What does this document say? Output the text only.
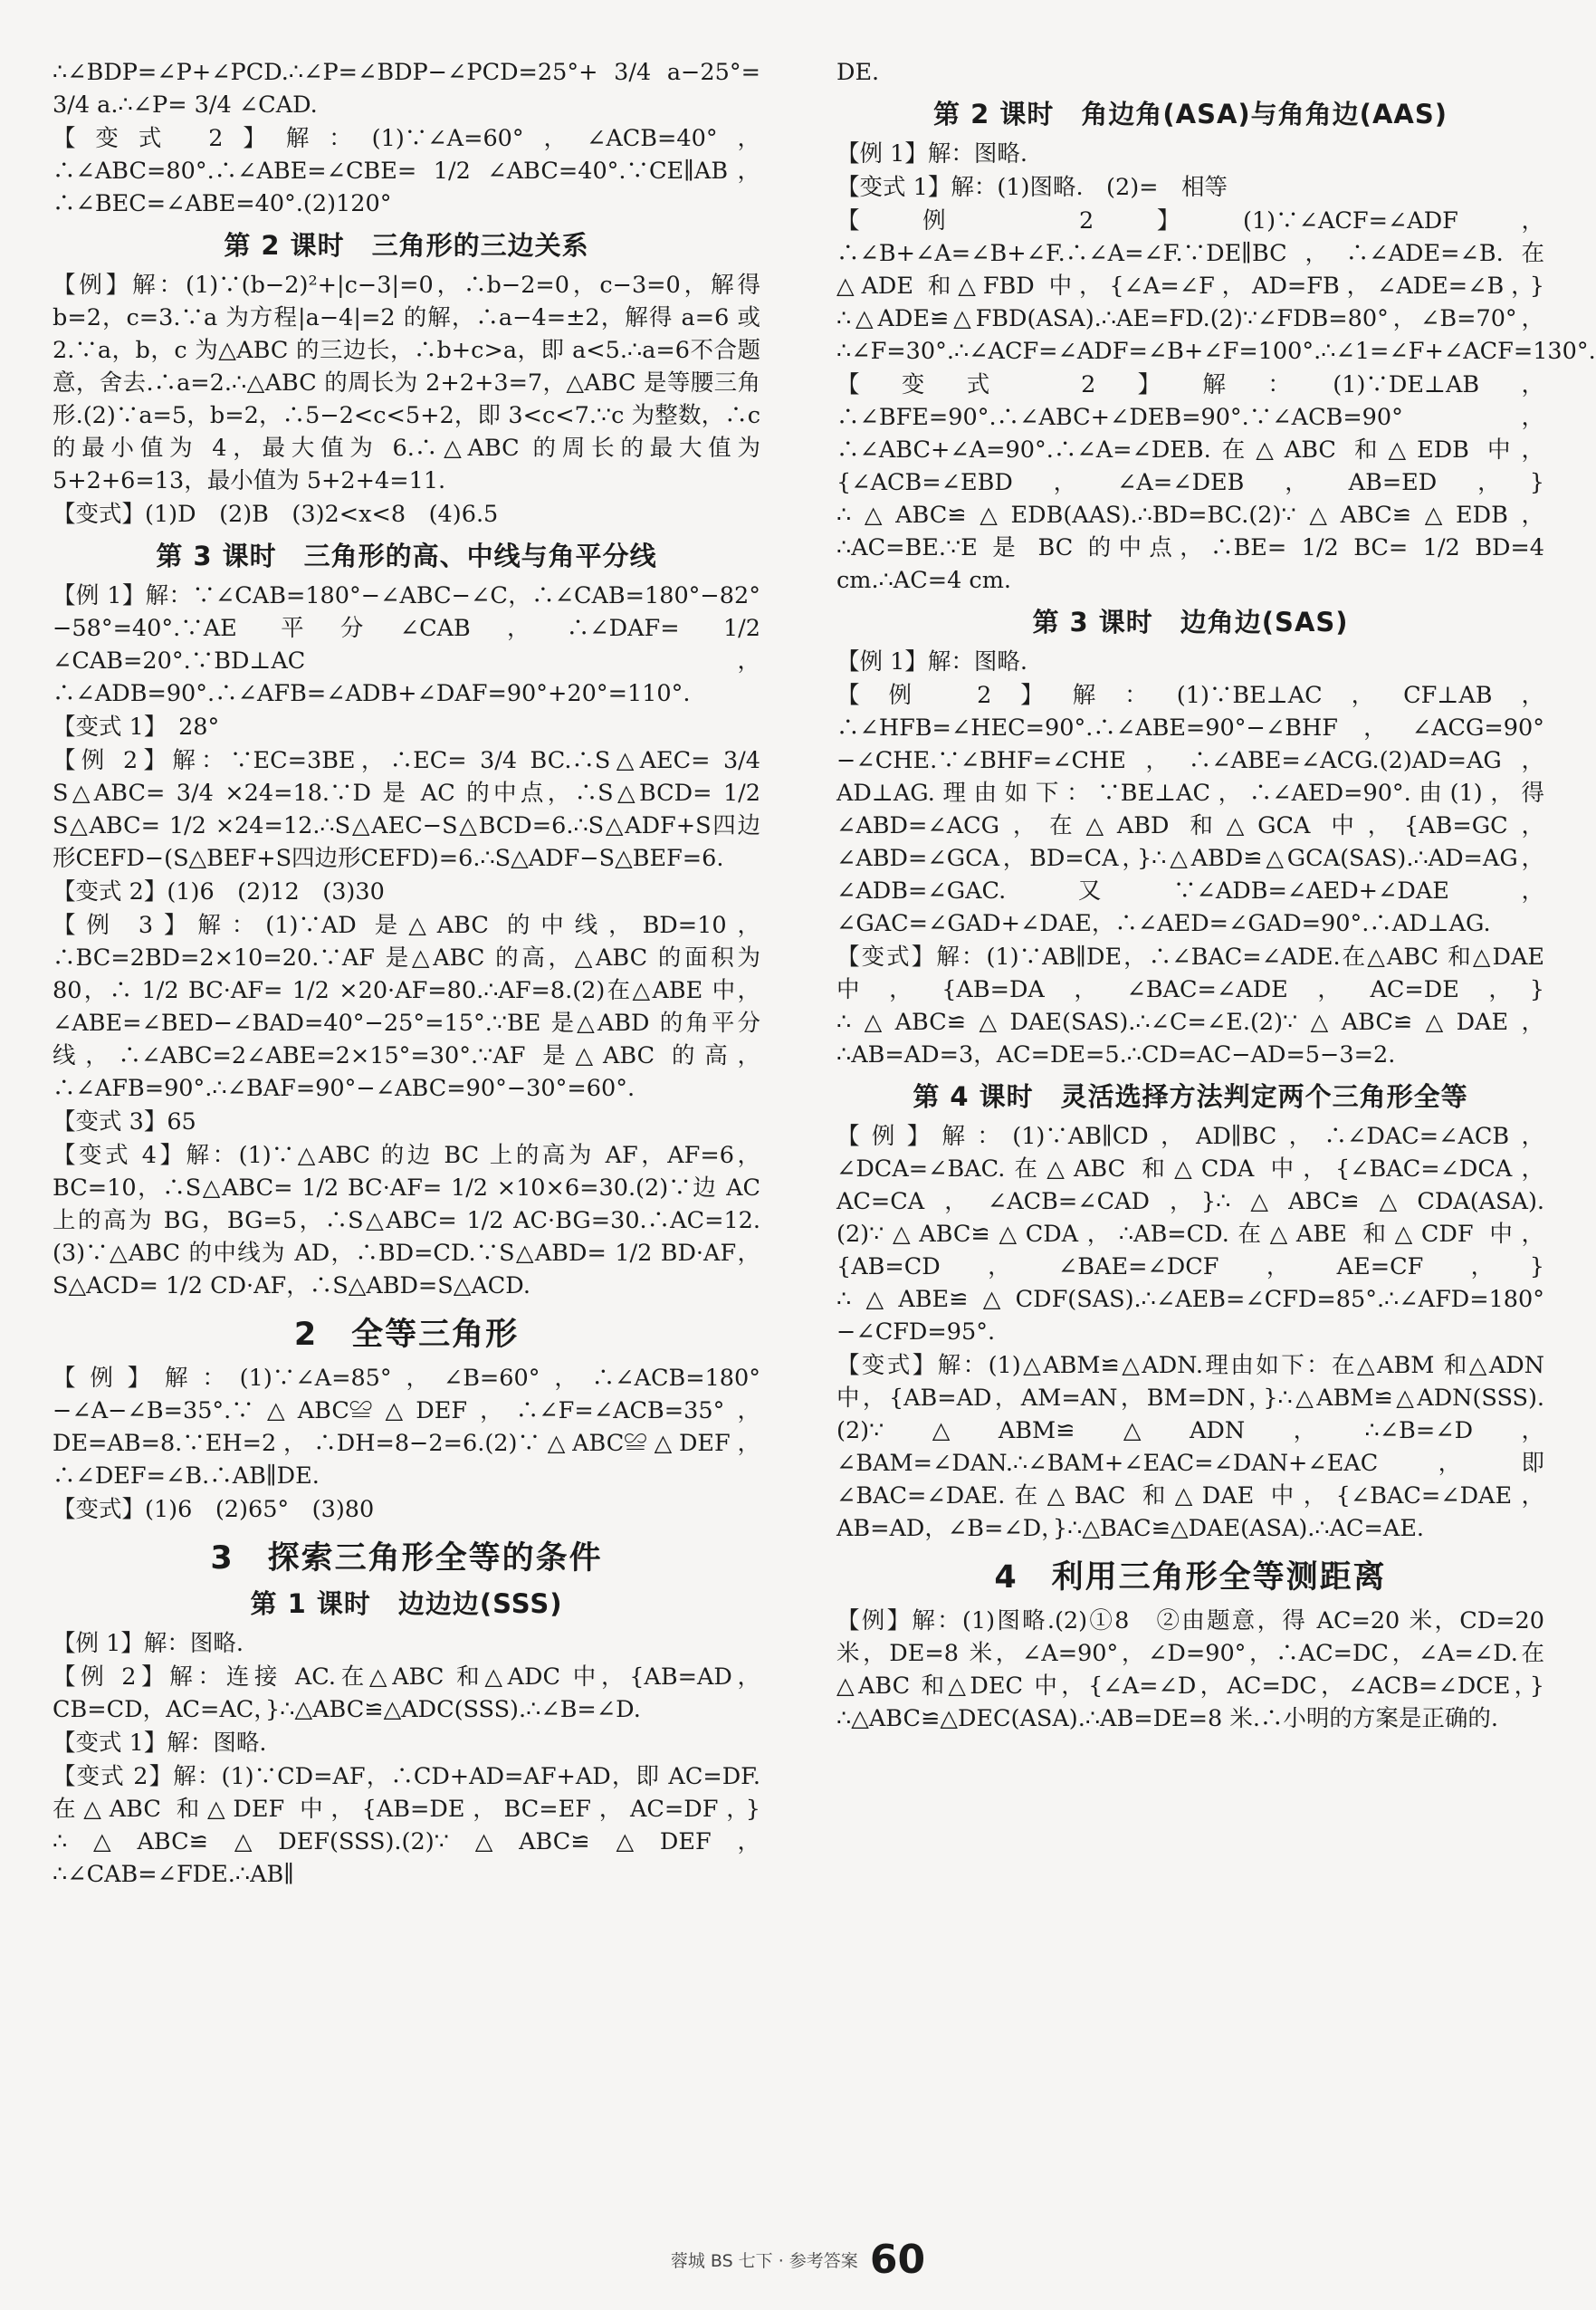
∴∠BDP=∠P+∠PCD.∴∠P=∠BDP−∠PCD=25°+ 3/4 a−25°= 3/4 a.∴∠P= 3/4 ∠CAD.

【变式 2】解：(1)∵∠A=60°，∠ACB=40°，∴∠ABC=80°.∴∠ABE=∠CBE= 1/2 ∠ABC=40°.∵CE∥AB，∴∠BEC=∠ABE=40°.(2)120°

第 2 课时　三角形的三边关系

【例】解：(1)∵(b−2)²+|c−3|=0，∴b−2=0，c−3=0，解得b=2，c=3.∵a 为方程|a−4|=2 的解，∴a−4=±2，解得 a=6 或 2.∵a，b，c 为△ABC 的三边长，∴b+c>a，即 a<5.∴a=6不合题意，舍去.∴a=2.∴△ABC 的周长为 2+2+3=7，△ABC 是等腰三角形.(2)∵a=5，b=2，∴5−2<c<5+2，即 3<c<7.∵c 为整数，∴c 的最小值为 4，最大值为 6.∴△ABC 的周长的最大值为 5+2+6=13，最小值为 5+2+4=11.

【变式】(1)D　(2)B　(3)2<x<8　(4)6.5

第 3 课时　三角形的高、中线与角平分线

【例 1】解：∵∠CAB=180°−∠ABC−∠C，∴∠CAB=180°−82°−58°=40°.∵AE 平分∠CAB，∴∠DAF= 1/2 ∠CAB=20°.∵BD⊥AC，∴∠ADB=90°.∴∠AFB=∠ADB+∠DAF=90°+20°=110°.

【变式 1】　28°

【例 2】解：∵EC=3BE，∴EC= 3/4 BC.∴S△AEC= 3/4 S△ABC= 3/4 ×24=18.∵D 是 AC 的中点，∴S△BCD= 1/2 S△ABC= 1/2 ×24=12.∴S△AEC−S△BCD=6.∴S△ADF+S四边形CEFD−(S△BEF+S四边形CEFD)=6.∴S△ADF−S△BEF=6.

【变式 2】(1)6　(2)12　(3)30

【例 3】解：(1)∵AD 是△ABC 的中线，BD=10，∴BC=2BD=2×10=20.∵AF 是△ABC 的高，△ABC 的面积为 80，∴ 1/2 BC·AF= 1/2 ×20·AF=80.∴AF=8.(2)在△ABE 中，∠ABE=∠BED−∠BAD=40°−25°=15°.∵BE 是△ABD 的角平分线，∴∠ABC=2∠ABE=2×15°=30°.∵AF 是△ABC 的高，∴∠AFB=90°.∴∠BAF=90°−∠ABC=90°−30°=60°.

【变式 3】65

【变式 4】解：(1)∵△ABC 的边 BC 上的高为 AF，AF=6，BC=10，∴S△ABC= 1/2 BC·AF= 1/2 ×10×6=30.(2)∵边 AC 上的高为 BG，BG=5，∴S△ABC= 1/2 AC·BG=30.∴AC=12.(3)∵△ABC 的中线为 AD，∴BD=CD.∵S△ABD= 1/2 BD·AF，S△ACD= 1/2 CD·AF，∴S△ABD=S△ACD.

2　全等三角形

【例】解：(1)∵∠A=85°，∠B=60°，∴∠ACB=180°−∠A−∠B=35°.∵△ABC≌△DEF，∴∠F=∠ACB=35°，DE=AB=8.∵EH=2，∴DH=8−2=6.(2)∵△ABC≌△DEF，∴∠DEF=∠B.∴AB∥DE.

【变式】(1)6　(2)65°　(3)80

3　探索三角形全等的条件
第 1 课时　边边边(SSS)

【例 1】解：图略.

【例 2】解：连接 AC.在△ABC 和△ADC 中，{AB=AD，CB=CD，AC=AC，}∴△ABC≌△ADC(SSS).∴∠B=∠D.

【变式 1】解：图略.

【变式 2】解：(1)∵CD=AF，∴CD+AD=AF+AD，即 AC=DF.在△ABC 和△DEF 中，{AB=DE，BC=EF，AC=DF，}∴△ABC≌△DEF(SSS).(2)∵△ABC≌△DEF，∴∠CAB=∠FDE.∴AB∥

DE.

第 2 课时　角边角(ASA)与角角边(AAS)

【例 1】解：图略.

【变式 1】解：(1)图略.　(2)=　相等

【例 2】(1)∵∠ACF=∠ADF，∴∠B+∠A=∠B+∠F.∴∠A=∠F.∵DE∥BC，∴∠ADE=∠B.在△ADE 和△FBD 中，{∠A=∠F，AD=FB，∠ADE=∠B，}∴△ADE≌△FBD(ASA).∴AE=FD.(2)∵∠FDB=80°，∠B=70°，∴∠F=30°.∴∠ACF=∠ADF=∠B+∠F=100°.∴∠1=∠F+∠ACF=130°.

【变式 2】解：(1)∵DE⊥AB，∴∠BFE=90°.∴∠ABC+∠DEB=90°.∵∠ACB=90°，∴∠ABC+∠A=90°.∴∠A=∠DEB.在△ABC 和△EDB 中，{∠ACB=∠EBD，∠A=∠DEB，AB=ED，}∴△ABC≌△EDB(AAS).∴BD=BC.(2)∵△ABC≌△EDB，∴AC=BE.∵E 是 BC 的中点，∴BE= 1/2 BC= 1/2 BD=4 cm.∴AC=4 cm.

第 3 课时　边角边(SAS)

【例 1】解：图略.

【例 2】解：(1)∵BE⊥AC，CF⊥AB，∴∠HFB=∠HEC=90°.∴∠ABE=90°−∠BHF，∠ACG=90°−∠CHE.∵∠BHF=∠CHE，∴∠ABE=∠ACG.(2)AD=AG，AD⊥AG.理由如下：∵BE⊥AC，∴∠AED=90°.由(1)，得∠ABD=∠ACG，在△ABD 和△GCA 中，{AB=GC，∠ABD=∠GCA，BD=CA，}∴△ABD≌△GCA(SAS).∴AD=AG，∠ADB=∠GAC.又∵∠ADB=∠AED+∠DAE，∠GAC=∠GAD+∠DAE，∴∠AED=∠GAD=90°.∴AD⊥AG.

【变式】解：(1)∵AB∥DE，∴∠BAC=∠ADE.在△ABC 和△DAE 中，{AB=DA，∠BAC=∠ADE，AC=DE，}∴△ABC≌△DAE(SAS).∴∠C=∠E.(2)∵△ABC≌△DAE，∴AB=AD=3，AC=DE=5.∴CD=AC−AD=5−3=2.

第 4 课时　灵活选择方法判定两个三角形全等

【例】解：(1)∵AB∥CD，AD∥BC，∴∠DAC=∠ACB，∠DCA=∠BAC.在△ABC 和△CDA 中，{∠BAC=∠DCA，AC=CA，∠ACB=∠CAD，}∴△ABC≌△CDA(ASA).(2)∵△ABC≌△CDA，∴AB=CD.在△ABE 和△CDF 中，{AB=CD，∠BAE=∠DCF，AE=CF，}∴△ABE≌△CDF(SAS).∴∠AEB=∠CFD=85°.∴∠AFD=180°−∠CFD=95°.

【变式】解：(1)△ABM≌△ADN.理由如下：在△ABM 和△ADN 中，{AB=AD，AM=AN，BM=DN，}∴△ABM≌△ADN(SSS).(2)∵△ABM≌△ADN，∴∠B=∠D，∠BAM=∠DAN.∴∠BAM+∠EAC=∠DAN+∠EAC，即∠BAC=∠DAE.在△BAC 和△DAE 中，{∠BAC=∠DAE，AB=AD，∠B=∠D，}∴△BAC≌△DAE(ASA).∴AC=AE.

4　利用三角形全等测距离

【例】解：(1)图略.(2)①8　②由题意，得 AC=20 米，CD=20 米，DE=8 米，∠A=90°，∠D=90°，∴AC=DC，∠A=∠D.在△ABC 和△DEC 中，{∠A=∠D，AC=DC，∠ACB=∠DCE，}∴△ABC≌△DEC(ASA).∴AB=DE=8 米.∴小明的方案是正确的.

蓉城 BS 七下 · 参考答案 60
